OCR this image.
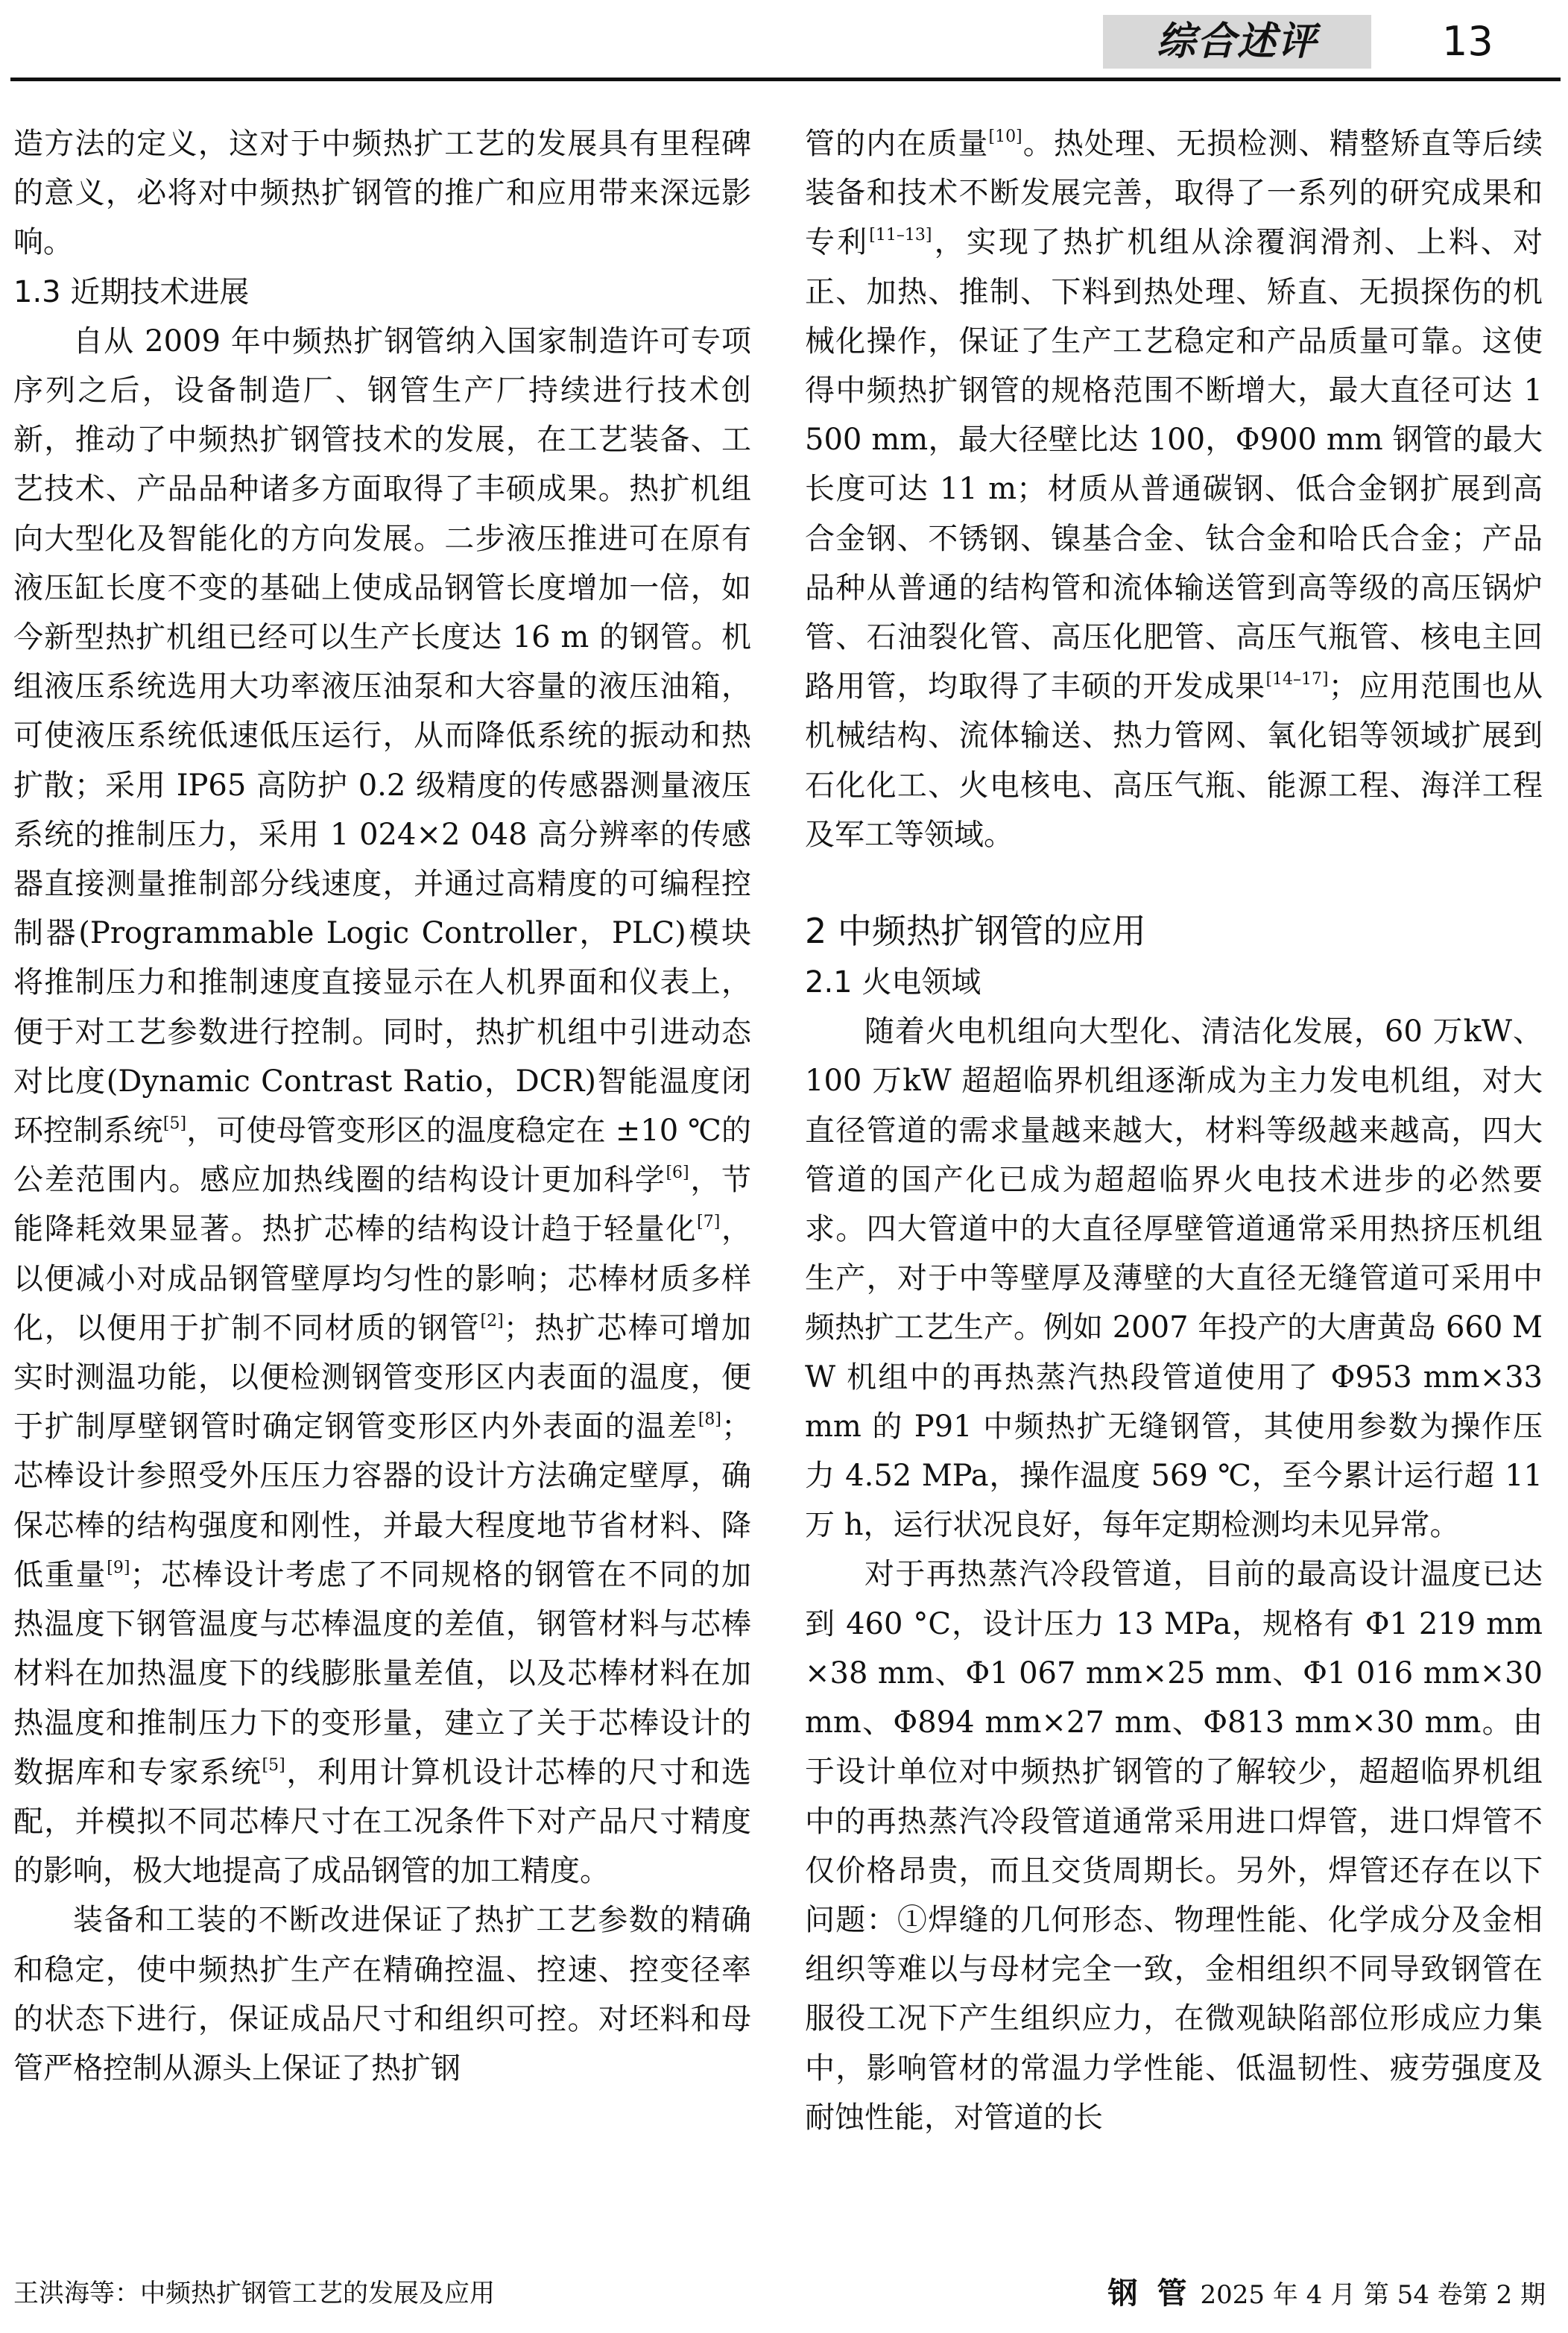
综合述评	13

造方法的定义，这对于中频热扩工艺的发展具有里程碑的意义，必将对中频热扩钢管的推广和应用带来深远影响。

1.3 近期技术进展

自从 2009 年中频热扩钢管纳入国家制造许可专项序列之后，设备制造厂、钢管生产厂持续进行技术创新，推动了中频热扩钢管技术的发展，在工艺装备、工艺技术、产品品种诸多方面取得了丰硕成果。热扩机组向大型化及智能化的方向发展。二步液压推进可在原有液压缸长度不变的基础上使成品钢管长度增加一倍，如今新型热扩机组已经可以生产长度达 16 m 的钢管。机组液压系统选用大功率液压油泵和大容量的液压油箱，可使液压系统低速低压运行，从而降低系统的振动和热扩散；采用 IP65 高防护 0.2 级精度的传感器测量液压系统的推制压力，采用 1 024×2 048 高分辨率的传感器直接测量推制部分线速度，并通过高精度的可编程控制器(Programmable Logic Controller，PLC)模块将推制压力和推制速度直接显示在人机界面和仪表上，便于对工艺参数进行控制。同时，热扩机组中引进动态对比度(Dynamic Contrast Ratio，DCR)智能温度闭环控制系统[5]，可使母管变形区的温度稳定在 ±10 ℃的公差范围内。感应加热线圈的结构设计更加科学[6]，节能降耗效果显著。热扩芯棒的结构设计趋于轻量化[7]，以便减小对成品钢管壁厚均匀性的影响；芯棒材质多样化，以便用于扩制不同材质的钢管[2]；热扩芯棒可增加实时测温功能，以便检测钢管变形区内表面的温度，便于扩制厚壁钢管时确定钢管变形区内外表面的温差[8]；芯棒设计参照受外压压力容器的设计方法确定壁厚，确保芯棒的结构强度和刚性，并最大程度地节省材料、降低重量[9]；芯棒设计考虑了不同规格的钢管在不同的加热温度下钢管温度与芯棒温度的差值，钢管材料与芯棒材料在加热温度下的线膨胀量差值，以及芯棒材料在加热温度和推制压力下的变形量，建立了关于芯棒设计的数据库和专家系统[5]，利用计算机设计芯棒的尺寸和选配，并模拟不同芯棒尺寸在工况条件下对产品尺寸精度的影响，极大地提高了成品钢管的加工精度。

装备和工装的不断改进保证了热扩工艺参数的精确和稳定，使中频热扩生产在精确控温、控速、控变径率的状态下进行，保证成品尺寸和组织可控。对坯料和母管严格控制从源头上保证了热扩钢

管的内在质量[10]。热处理、无损检测、精整矫直等后续装备和技术不断发展完善，取得了一系列的研究成果和专利[11–13]，实现了热扩机组从涂覆润滑剂、上料、对正、加热、推制、下料到热处理、矫直、无损探伤的机械化操作，保证了生产工艺稳定和产品质量可靠。这使得中频热扩钢管的规格范围不断增大，最大直径可达 1 500 mm，最大径壁比达 100，Φ900 mm 钢管的最大长度可达 11 m；材质从普通碳钢、低合金钢扩展到高合金钢、不锈钢、镍基合金、钛合金和哈氏合金；产品品种从普通的结构管和流体输送管到高等级的高压锅炉管、石油裂化管、高压化肥管、高压气瓶管、核电主回路用管，均取得了丰硕的开发成果[14–17]；应用范围也从机械结构、流体输送、热力管网、氧化铝等领域扩展到石化化工、火电核电、高压气瓶、能源工程、海洋工程及军工等领域。

2 中频热扩钢管的应用
2.1 火电领域

随着火电机组向大型化、清洁化发展，60 万kW、100 万kW 超超临界机组逐渐成为主力发电机组，对大直径管道的需求量越来越大，材料等级越来越高，四大管道的国产化已成为超超临界火电技术进步的必然要求。四大管道中的大直径厚壁管道通常采用热挤压机组生产，对于中等壁厚及薄壁的大直径无缝管道可采用中频热扩工艺生产。例如 2007 年投产的大唐黄岛 660 MW 机组中的再热蒸汽热段管道使用了 Φ953 mm×33 mm 的 P91 中频热扩无缝钢管，其使用参数为操作压力 4.52 MPa，操作温度 569 ℃，至今累计运行超 11 万 h，运行状况良好，每年定期检测均未见异常。

对于再热蒸汽冷段管道，目前的最高设计温度已达到 460 °C，设计压力 13 MPa，规格有 Φ1 219 mm×38 mm、Φ1 067 mm×25 mm、Φ1 016 mm×30 mm、Φ894 mm×27 mm、Φ813 mm×30 mm。由于设计单位对中频热扩钢管的了解较少，超超临界机组中的再热蒸汽冷段管道通常采用进口焊管，进口焊管不仅价格昂贵，而且交货周期长。另外，焊管还存在以下问题：①焊缝的几何形态、物理性能、化学成分及金相组织等难以与母材完全一致，金相组织不同导致钢管在服役工况下产生组织应力，在微观缺陷部位形成应力集中，影响管材的常温力学性能、低温韧性、疲劳强度及耐蚀性能，对管道的长

王洪海等：中频热扩钢管工艺的发展及应用	钢 管 2025 年 4 月 第 54 卷第 2 期
